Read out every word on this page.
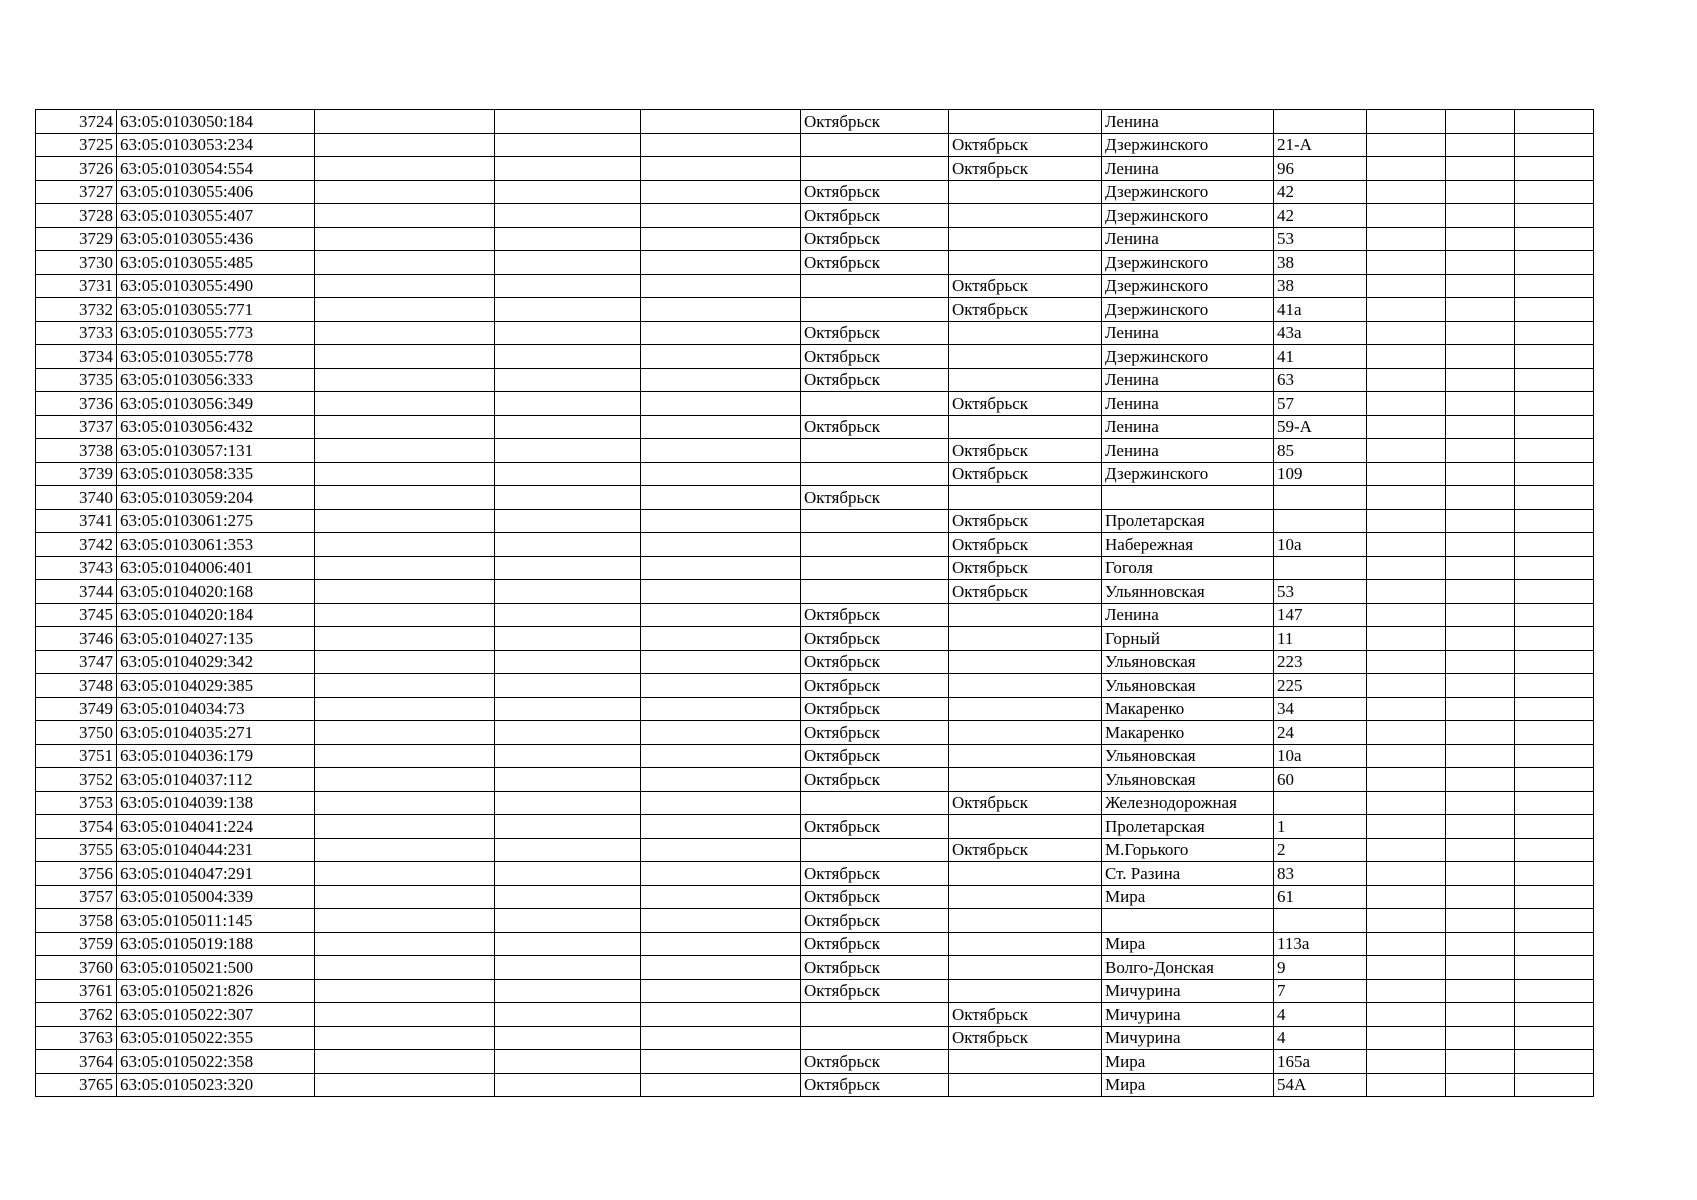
3724	63:05:0103050:184				Октябрьск		Ленина				
3725	63:05:0103053:234					Октябрьск	Дзержинского	21-А			
3726	63:05:0103054:554					Октябрьск	Ленина	96			
3727	63:05:0103055:406				Октябрьск		Дзержинского	42			
3728	63:05:0103055:407				Октябрьск		Дзержинского	42			
3729	63:05:0103055:436				Октябрьск		Ленина	53			
3730	63:05:0103055:485				Октябрьск		Дзержинского	38			
3731	63:05:0103055:490					Октябрьск	Дзержинского	38			
3732	63:05:0103055:771					Октябрьск	Дзержинского	41а			
3733	63:05:0103055:773				Октябрьск		Ленина	43а			
3734	63:05:0103055:778				Октябрьск		Дзержинского	41			
3735	63:05:0103056:333				Октябрьск		Ленина	63			
3736	63:05:0103056:349					Октябрьск	Ленина	57			
3737	63:05:0103056:432				Октябрьск		Ленина	59-А			
3738	63:05:0103057:131					Октябрьск	Ленина	85			
3739	63:05:0103058:335					Октябрьск	Дзержинского	109			
3740	63:05:0103059:204				Октябрьск						
3741	63:05:0103061:275					Октябрьск	Пролетарская				
3742	63:05:0103061:353					Октябрьск	Набережная	10а			
3743	63:05:0104006:401					Октябрьск	Гоголя				
3744	63:05:0104020:168					Октябрьск	Ульянновская	53			
3745	63:05:0104020:184				Октябрьск		Ленина	147			
3746	63:05:0104027:135				Октябрьск		Горный	11			
3747	63:05:0104029:342				Октябрьск		Ульяновская	223			
3748	63:05:0104029:385				Октябрьск		Ульяновская	225			
3749	63:05:0104034:73				Октябрьск		Макаренко	34			
3750	63:05:0104035:271				Октябрьск		Макаренко	24			
3751	63:05:0104036:179				Октябрьск		Ульяновская	10а			
3752	63:05:0104037:112				Октябрьск		Ульяновская	60			
3753	63:05:0104039:138					Октябрьск	Железнодорожная				
3754	63:05:0104041:224				Октябрьск		Пролетарская	1			
3755	63:05:0104044:231					Октябрьск	М.Горького	2			
3756	63:05:0104047:291				Октябрьск		Ст. Разина	83			
3757	63:05:0105004:339				Октябрьск		Мира	61			
3758	63:05:0105011:145				Октябрьск						
3759	63:05:0105019:188				Октябрьск		Мира	113а			
3760	63:05:0105021:500				Октябрьск		Волго-Донская	9			
3761	63:05:0105021:826				Октябрьск		Мичурина	7			
3762	63:05:0105022:307					Октябрьск	Мичурина	4			
3763	63:05:0105022:355					Октябрьск	Мичурина	4			
3764	63:05:0105022:358				Октябрьск		Мира	165а			
3765	63:05:0105023:320				Октябрьск		Мира	54А			
